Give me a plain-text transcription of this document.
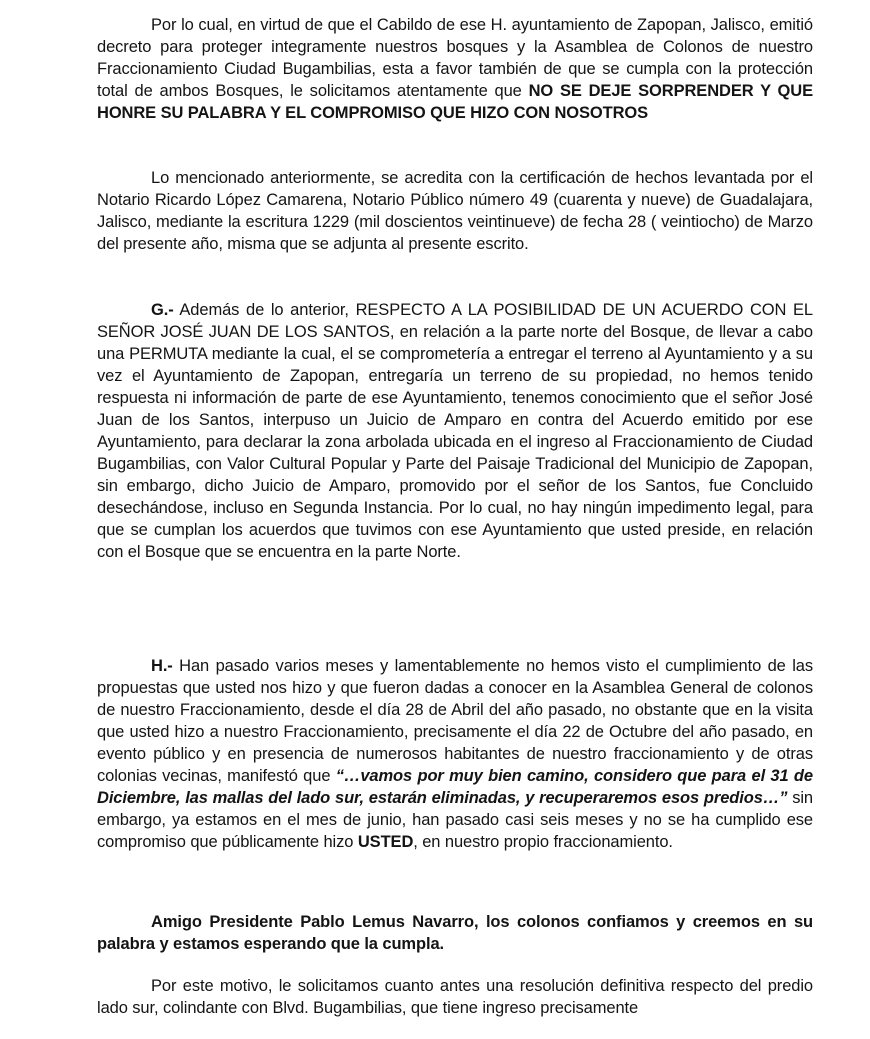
Por lo cual, en virtud de que el Cabildo de ese H. ayuntamiento de Zapopan, Jalisco, emitió decreto para proteger integramente nuestros bosques y la Asamblea de Colonos de nuestro Fraccionamiento Ciudad Bugambilias, esta a favor también de que se cumpla con la protección total de ambos Bosques, le solicitamos atentamente que NO SE DEJE SORPRENDER Y QUE HONRE SU PALABRA Y EL COMPROMISO QUE HIZO CON NOSOTROS

Lo mencionado anteriormente, se acredita con la certificación de hechos levantada por el Notario Ricardo López Camarena, Notario Público número 49 (cuarenta y nueve) de Guadalajara, Jalisco, mediante la escritura 1229 (mil doscientos veintinueve) de fecha 28 ( veintiocho) de Marzo del presente año, misma que se adjunta al presente escrito.

G.- Además de lo anterior, RESPECTO A LA POSIBILIDAD DE UN ACUERDO CON EL SEÑOR JOSÉ JUAN DE LOS SANTOS, en relación a la parte norte del Bosque, de llevar a cabo una PERMUTA mediante la cual, el se comprometería a entregar el terreno al Ayuntamiento y a su vez el Ayuntamiento de Zapopan, entregaría un terreno de su propiedad, no hemos tenido respuesta ni información de parte de ese Ayuntamiento, tenemos conocimiento que el señor José Juan de los Santos, interpuso un Juicio de Amparo en contra del Acuerdo emitido por ese Ayuntamiento, para declarar la zona arbolada ubicada en el ingreso al Fraccionamiento de Ciudad Bugambilias, con Valor Cultural Popular y Parte del Paisaje Tradicional del Municipio de Zapopan, sin embargo, dicho Juicio de Amparo, promovido por el señor de los Santos, fue Concluido desechándose, incluso en Segunda Instancia. Por lo cual, no hay ningún impedimento legal, para que se cumplan los acuerdos que tuvimos con ese Ayuntamiento que usted preside, en relación con el Bosque que se encuentra en la parte Norte.

H.- Han pasado varios meses y lamentablemente no hemos visto el cumplimiento de las propuestas que usted nos hizo y que fueron dadas a conocer en la Asamblea General de colonos de nuestro Fraccionamiento, desde el día 28 de Abril del año pasado, no obstante que en la visita que usted hizo a nuestro Fraccionamiento, precisamente el día 22 de Octubre del año pasado, en evento público y en presencia de numerosos habitantes de nuestro fraccionamiento y de otras colonias vecinas, manifestó que “…vamos por muy bien camino, considero que para el 31 de Diciembre, las mallas del lado sur, estarán eliminadas, y recuperaremos esos predios…” sin embargo, ya estamos en el mes de junio, han pasado casi seis meses y no se ha cumplido ese compromiso que públicamente hizo USTED, en nuestro propio fraccionamiento.

Amigo Presidente Pablo Lemus Navarro, los colonos confiamos y creemos en su palabra y estamos esperando que la cumpla.

Por este motivo, le solicitamos cuanto antes una resolución definitiva respecto del predio lado sur, colindante con Blvd. Bugambilias, que tiene ingreso precisamente
